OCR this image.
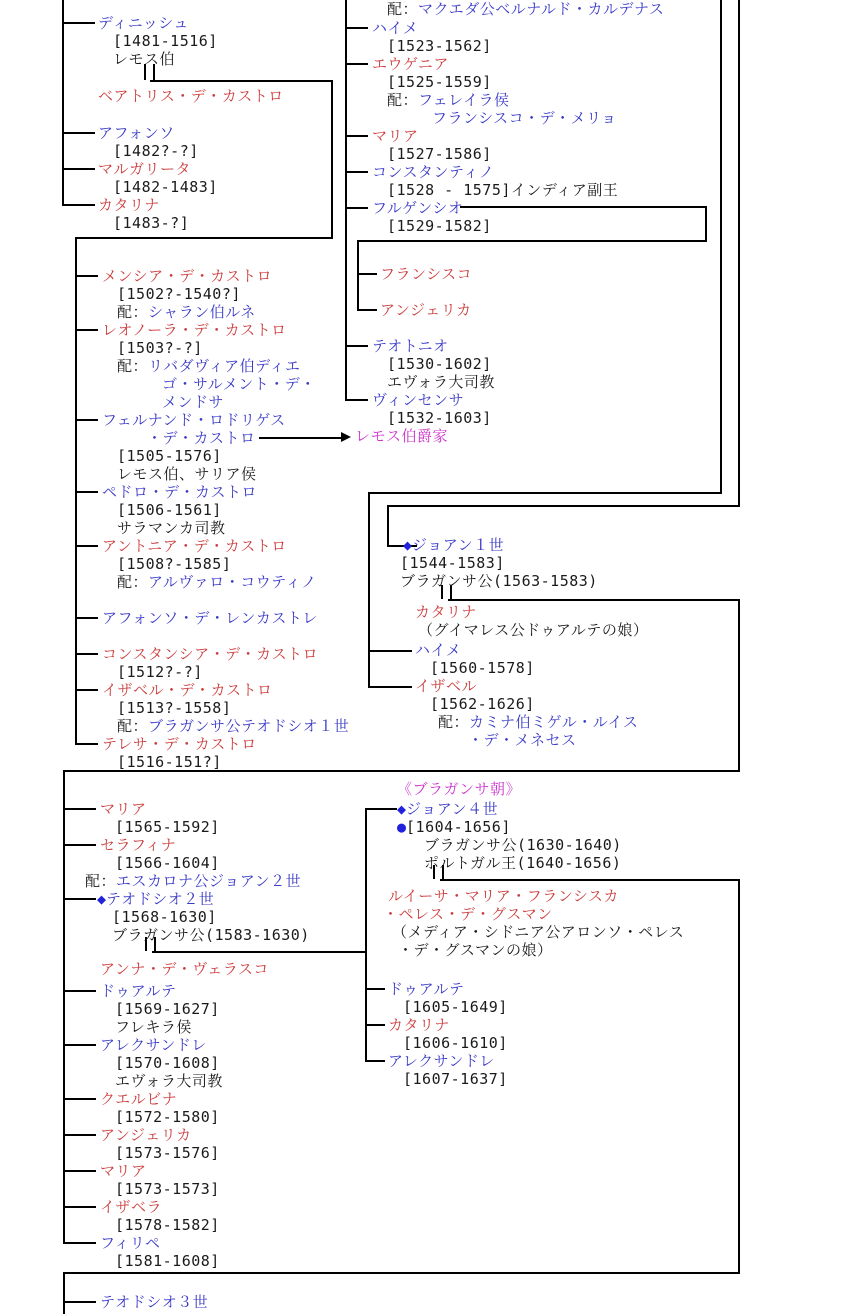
ディニッシュ
[1481-1516]
レモス伯
ベアトリス・デ・カストロ
アフォンソ
[1482?-?]
マルガリータ
[1482-1483]
カタリナ
[1483-?]
メンシア・デ・カストロ
[1502?-1540?]
配：シャラン伯ルネ
レオノーラ・デ・カストロ
[1503?-?]
配：リバダヴィア伯ディエ
ゴ・サルメント・デ・
メンドサ
フェルナンド・ロドリゲス
・デ・カストロ
[1505-1576]
レモス伯、サリア侯
ペドロ・デ・カストロ
[1506-1561]
サラマンカ司教
アントニア・デ・カストロ
[1508?-1585]
配：アルヴァロ・コウティノ
アフォンソ・デ・レンカストレ
コンスタンシア・デ・カストロ
[1512?-?]
イザベル・デ・カストロ
[1513?-1558]
配：ブラガンサ公テオドシオ１世
テレサ・デ・カストロ
[1516-151?]
配：マクエダ公ベルナルド・カルデナス
ハイメ
[1523-1562]
エウゲニア
[1525-1559]
配：フェレイラ侯
フランシスコ・デ・メリョ
マリア
[1527-1586]
コンスタンティノ
[1528 - 1575]インディア副王
フルゲンシオ
[1529-1582]
フランシスコ
アンジェリカ
テオトニオ
[1530-1602]
エヴォラ大司教
ヴィンセンサ
[1532-1603]
レモス伯爵家
◆ジョアン１世
[1544-1583]
ブラガンサ公(1563-1583)
カタリナ
（グイマレス公ドゥアルテの娘）
ハイメ
[1560-1578]
イザベル
[1562-1626]
配：カミナ伯ミゲル・ルイス
・デ・メネセス
マリア
[1565-1592]
セラフィナ
[1566-1604]
配：エスカロナ公ジョアン２世
◆テオドシオ２世
[1568-1630]
ブラガンサ公(1583-1630)
アンナ・デ・ヴェラスコ
ドゥアルテ
[1569-1627]
フレキラ侯
アレクサンドレ
[1570-1608]
エヴォラ大司教
クエルビナ
[1572-1580]
アンジェリカ
[1573-1576]
マリア
[1573-1573]
イザベラ
[1578-1582]
フィリペ
[1581-1608]
《ブラガンサ朝》
◆ジョアン４世
●[1604-1656]
ブラガンサ公(1630-1640)
ポルトガル王(1640-1656)
ルイーサ・マリア・フランシスカ
・ペレス・デ・グスマン
（メディア・シドニア公アロンソ・ペレス
・デ・グスマンの娘）
ドゥアルテ
[1605-1649]
カタリナ
[1606-1610]
アレクサンドレ
[1607-1637]
テオドシオ３世
